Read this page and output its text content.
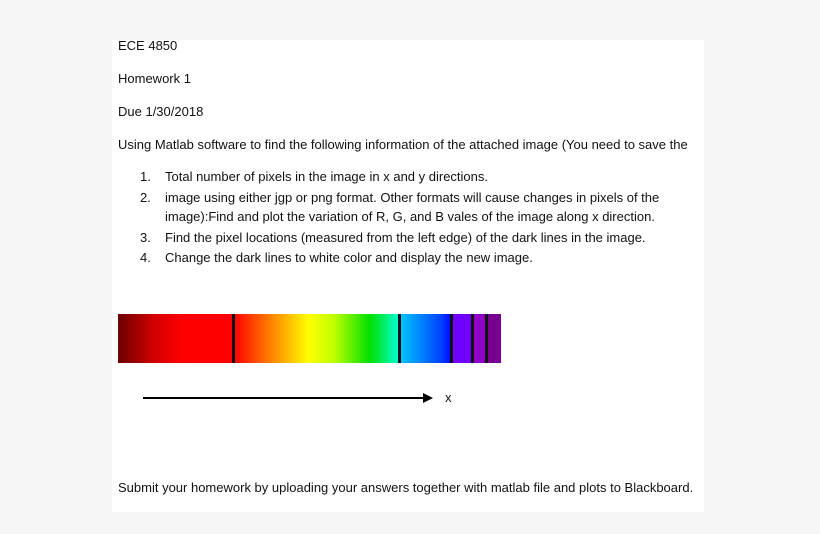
ECE 4850
Homework 1
Due 1/30/2018
Using Matlab software to find the following information of the attached image (You need to save the
1. Total number of pixels in the image in x and y directions.
2. image using either jgp or png format. Other formats will cause changes in pixels of the
image):Find and plot the variation of R, G, and B vales of the image along x direction.
3. Find the pixel locations (measured from the left edge) of the dark lines in the image.
4. Change the dark lines to white color and display the new image.
x
Submit your homework by uploading your answers together with matlab file and plots to Blackboard.
